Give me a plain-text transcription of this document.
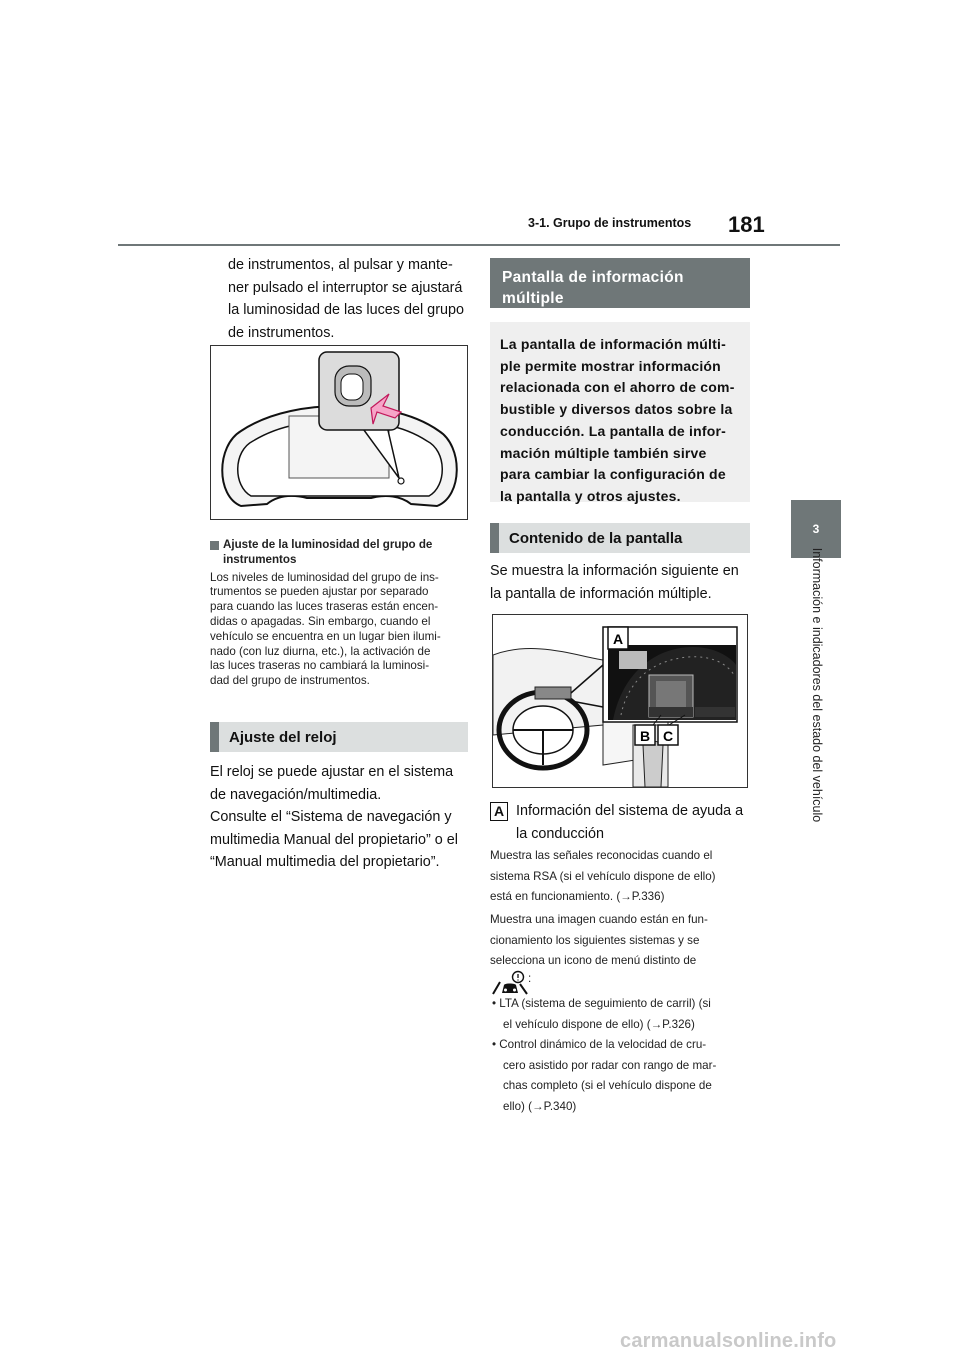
3-1. Grupo de instrumentos 181
3
Información e indicadores del estado del vehículo
de instrumentos, al pulsar y mante-
ner pulsado el interruptor se ajustará
la luminosidad de las luces del grupo
de instrumentos.
Ajuste de la luminosidad del grupo de
instrumentos
Los niveles de luminosidad del grupo de ins-
trumentos se pueden ajustar por separado
para cuando las luces traseras están encen-
didas o apagadas. Sin embargo, cuando el
vehículo se encuentra en un lugar bien ilumi-
nado (con luz diurna, etc.), la activación de
las luces traseras no cambiará la luminosi-
dad del grupo de instrumentos.
Ajuste del reloj
El reloj se puede ajustar en el sistema
de navegación/multimedia.
Consulte el “Sistema de navegación y
multimedia Manual del propietario” o el
“Manual multimedia del propietario”.
Pantalla de información
múltiple
La pantalla de información múlti-
ple permite mostrar información
relacionada con el ahorro de com-
bustible y diversos datos sobre la
conducción. La pantalla de infor-
mación múltiple también sirve
para cambiar la configuración de
la pantalla y otros ajustes.
Contenido de la pantalla
Se muestra la información siguiente en
la pantalla de información múltiple.
A
B C
A Información del sistema de ayuda a
la conducción
Muestra las señales reconocidas cuando el
sistema RSA (si el vehículo dispone de ello)
está en funcionamiento. (→P.336)
Muestra una imagen cuando están en fun-
cionamiento los siguientes sistemas y se
selecciona un icono de menú distinto de
:
• LTA (sistema de seguimiento de carril) (si
el vehículo dispone de ello) (→P.326)
• Control dinámico de la velocidad de cru-
cero asistido por radar con rango de mar-
chas completo (si el vehículo dispone de
ello) (→P.340)
carmanualsonline.info
